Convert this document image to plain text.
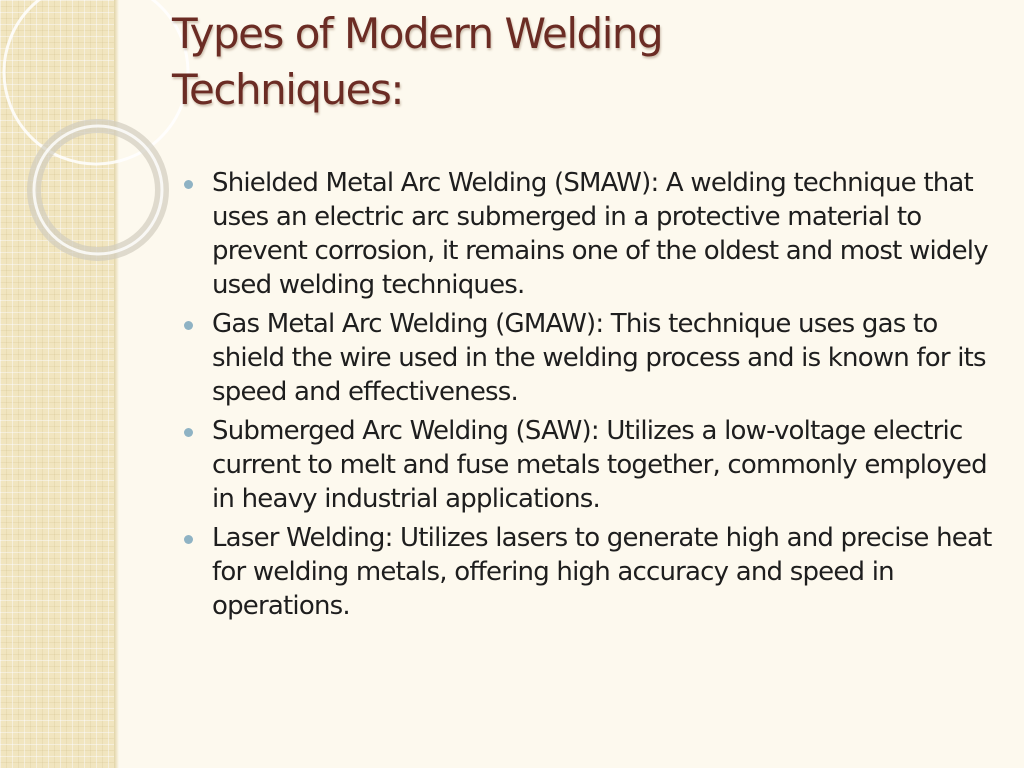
Types of Modern Welding
Techniques:
Shielded Metal Arc Welding (SMAW): A welding technique that uses an electric arc submerged in a protective material to prevent corrosion, it remains one of the oldest and most widely used welding techniques.
Gas Metal Arc Welding (GMAW): This technique uses gas to shield the wire used in the welding process and is known for its speed and effectiveness.
Submerged Arc Welding (SAW): Utilizes a low-voltage electric current to melt and fuse metals together, commonly employed in heavy industrial applications.
Laser Welding: Utilizes lasers to generate high and precise heat for welding metals, offering high accuracy and speed in operations.
